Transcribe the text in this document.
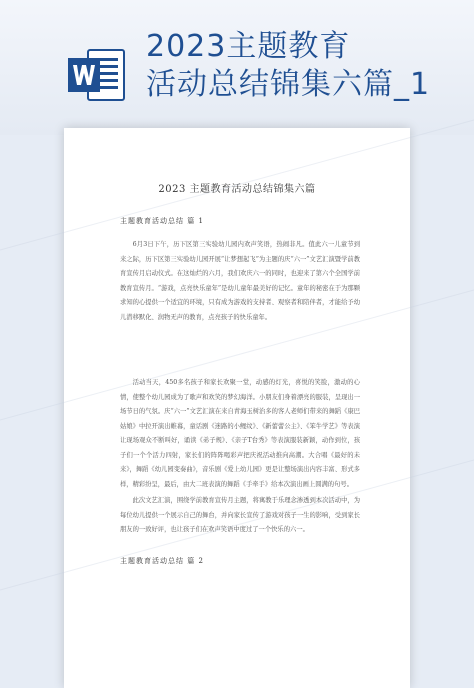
2023主题教育
活动总结锦集六篇_1
2023 主题教育活动总结锦集六篇
主题教育活动总结 篇 1
6月3日下午，历下区第三实验幼儿园内欢声笑语，热闹非凡。值此六一儿童节到来之际，历下区第三实验幼儿园开展“让梦想起飞”为主题的庆“六一”文艺汇演暨学前教育宣传月启动仪式。在这灿烂的六月，我们欢庆六一的同时，也迎来了第六个全国学前教育宣传月。“游戏，点亮快乐童年”是幼儿童年最美好的记忆。童年的秘密在于为那颗求知的心提供一个适宜的环境，只有成为游戏的支持者、观察者和陪伴者，才能给予幼儿潜移默化、润物无声的教育，点亮孩子的快乐童年。
活动当天，450多名孩子和家长欢聚一堂，动感的灯光，喜悦的笑脸，激动的心情，使整个幼儿园成为了歌声和欢笑的梦幻海洋。小朋友们身着漂亮的服装，呈现出一场节日的气氛。庆“六一”文艺汇演在来自青海玉树治多的客人老师们带来的舞蹈《康巴姑娘》中拉开演出帷幕，童话剧《迷路的小鲤纹》、《新蕾蕾公主》、《笨牛学艺》等表演让现场观众不断叫好，诵读《弟子规》、《亲子T台秀》等表演服装新颖，动作到位，孩子们一个个活力四射，家长们的阵阵喝彩声把庆祝活动推向高潮。大合唱《最好的未来》，舞蹈《幼儿园变奏曲》，音乐剧《爱上幼儿园》更是让整场演出内容丰富、形式多样，精彩纷呈，最后，由大二班表演的舞蹈《手牵手》给本次演出画上圆满的句号。
此次文艺汇演，围绕学前教育宣传月主题，将寓教于乐理念渗透到本次活动中，为每位幼儿提供一个展示自己的舞台，并向家长宣传了游戏对孩子一生的影响，受到家长朋友的一致好评，也让孩子们在欢声笑语中度过了一个快乐的六一。
主题教育活动总结 篇 2
